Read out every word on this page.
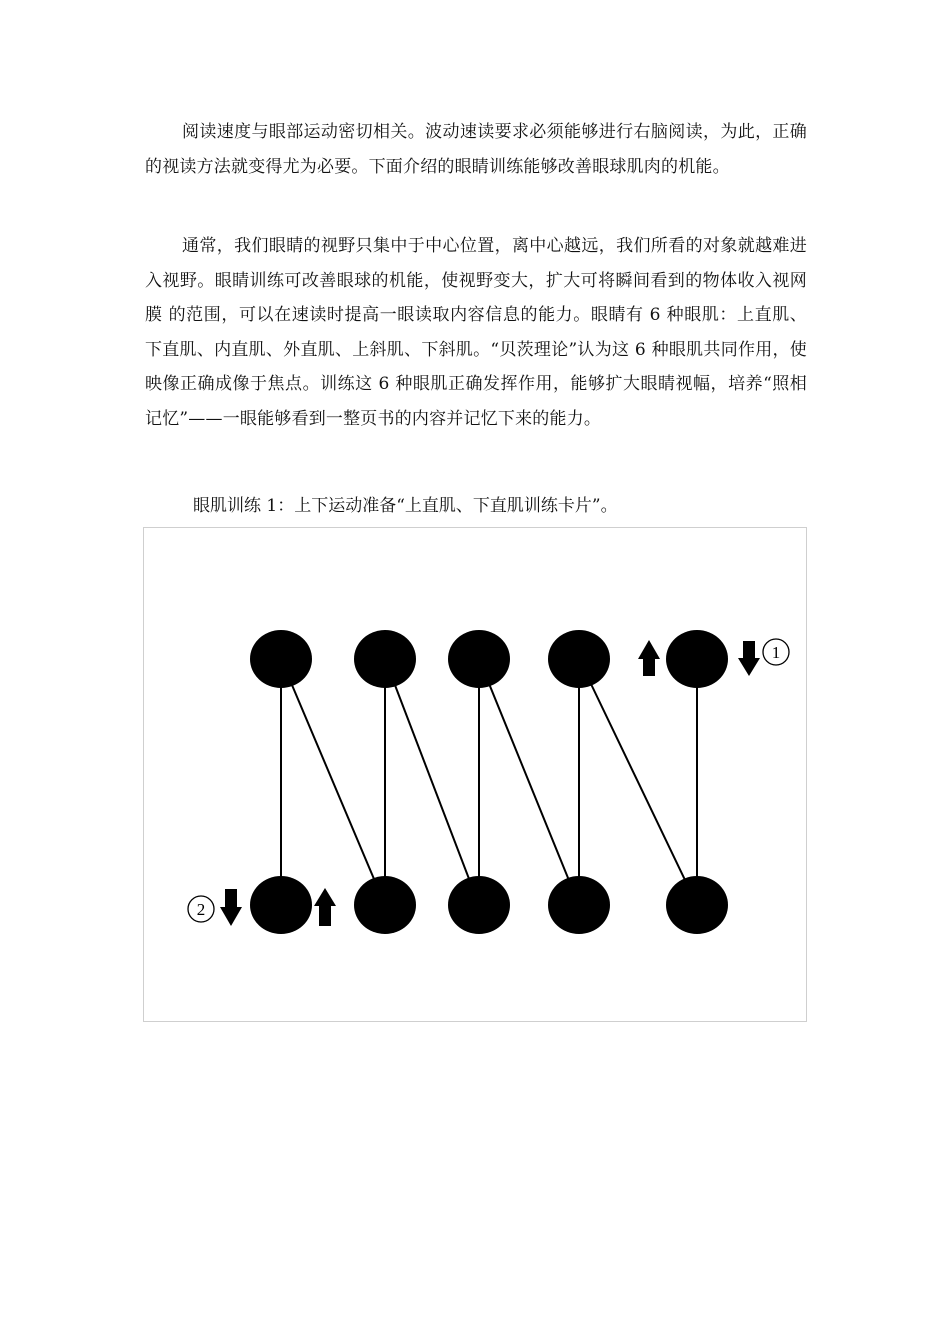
阅读速度与眼部运动密切相关。波动速读要求必须能够进行右脑阅读，为此，正确的视读方法就变得尤为必要。下面介绍的眼睛训练能够改善眼球肌肉的机能。

通常，我们眼睛的视野只集中于中心位置，离中心越远，我们所看的对象就越难进入视野。眼睛训练可改善眼球的机能，使视野变大，扩大可将瞬间看到的物体收入视网膜 的范围，可以在速读时提高一眼读取内容信息的能力。眼睛有 6 种眼肌：上直肌、下直肌、内直肌、外直肌、上斜肌、下斜肌。“贝茨理论”认为这 6 种眼肌共同作用，使映像正确成像于焦点。训练这 6 种眼肌正确发挥作用，能够扩大眼睛视幅，培养“照相记忆”——一眼能够看到一整页书的内容并记忆下来的能力。

眼肌训练 1：上下运动准备“上直肌、下直肌训练卡片”。

1
2
